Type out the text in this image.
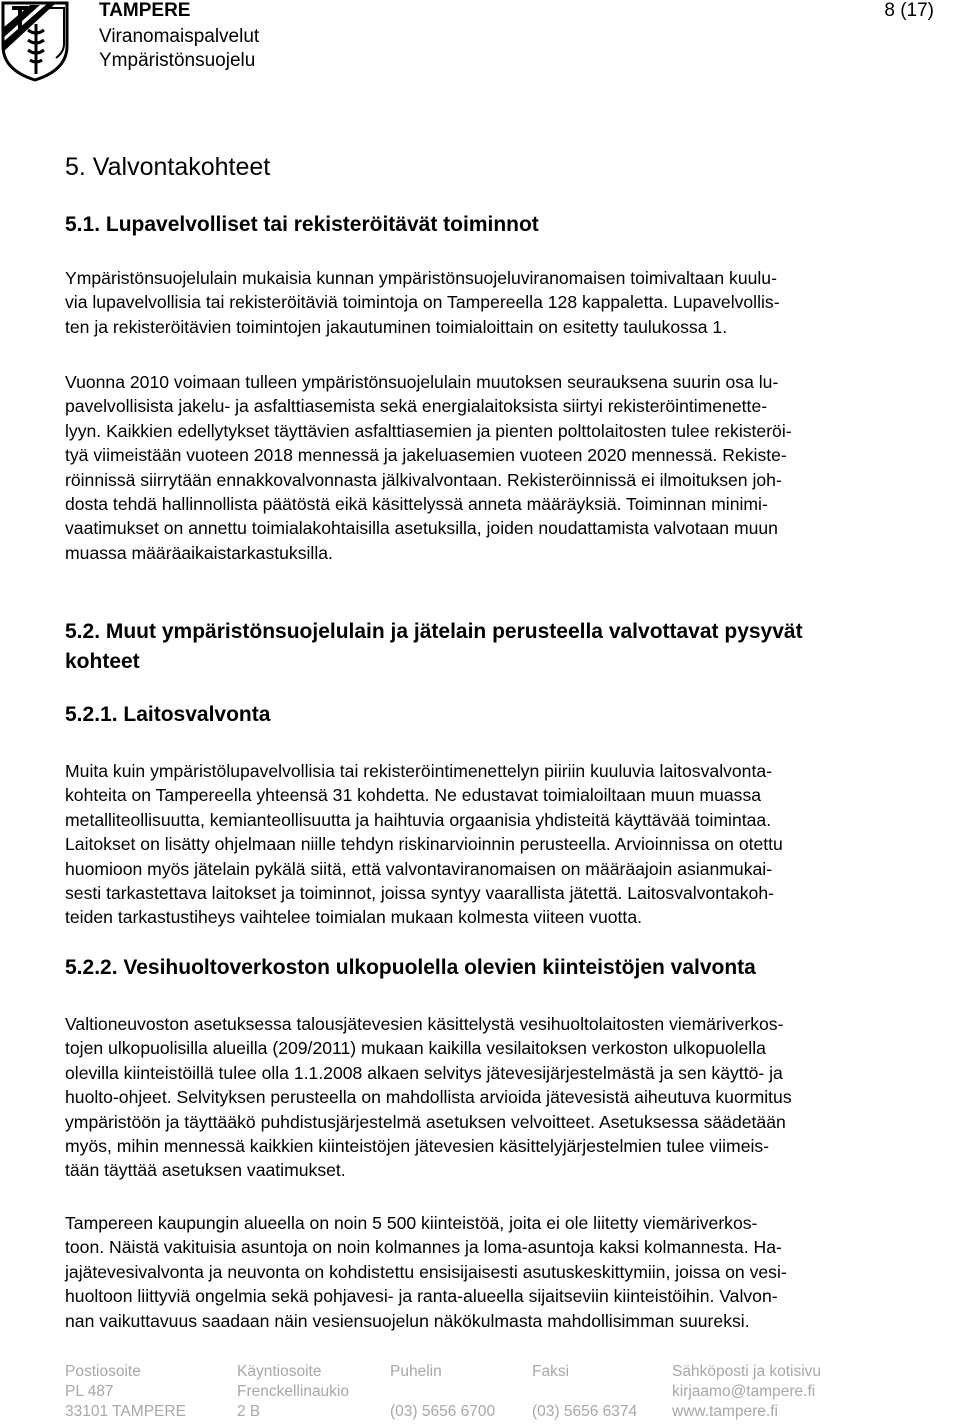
TAMPERE
Viranomaispalvelut
Ympäristönsuojelu
8 (17)
5. Valvontakohteet
5.1. Lupavelvolliset tai rekisteröitävät toiminnot
Ympäristönsuojelulain mukaisia kunnan ympäristönsuojeluviranomaisen toimivaltaan kuulu-
via lupavelvollisia tai rekisteröitäviä toimintoja on Tampereella 128 kappaletta. Lupavelvollis-
ten ja rekisteröitävien toimintojen jakautuminen toimialoittain on esitetty taulukossa 1.
Vuonna 2010 voimaan tulleen ympäristönsuojelulain muutoksen seurauksena suurin osa lu-
pavelvollisista jakelu- ja asfalttiasemista sekä energialaitoksista siirtyi rekisteröintimenette-
lyyn. Kaikkien edellytykset täyttävien asfalttiasemien ja pienten polttolaitosten tulee rekisteröi-
tyä viimeistään vuoteen 2018 mennessä ja jakeluasemien vuoteen 2020 mennessä. Rekiste-
röinnissä siirrytään ennakkovalvonnasta jälkivalvontaan. Rekisteröinnissä ei ilmoituksen joh-
dosta tehdä hallinnollista päätöstä eikä käsittelyssä anneta määräyksiä. Toiminnan minimi-
vaatimukset on annettu toimialakohtaisilla asetuksilla, joiden noudattamista valvotaan muun
muassa määräaikaistarkastuksilla.
5.2. Muut ympäristönsuojelulain ja jätelain perusteella valvottavat pysyvät
kohteet
5.2.1. Laitosvalvonta
Muita kuin ympäristölupavelvollisia tai rekisteröintimenettelyn piiriin kuuluvia laitosvalvonta-
kohteita on Tampereella yhteensä 31 kohdetta. Ne edustavat toimialoiltaan muun muassa
metalliteollisuutta, kemianteollisuutta ja haihtuvia orgaanisia yhdisteitä käyttävää toimintaa.
Laitokset on lisätty ohjelmaan niille tehdyn riskinarvioinnin perusteella. Arvioinnissa on otettu
huomioon myös jätelain pykälä siitä, että valvontaviranomaisen on määräajoin asianmukai-
sesti tarkastettava laitokset ja toiminnot, joissa syntyy vaarallista jätettä. Laitosvalvontakoh-
teiden tarkastustiheys vaihtelee toimialan mukaan kolmesta viiteen vuotta.
5.2.2. Vesihuoltoverkoston ulkopuolella olevien kiinteistöjen valvonta
Valtioneuvoston asetuksessa talousjätevesien käsittelystä vesihuoltolaitosten viemäriverkos-
tojen ulkopuolisilla alueilla (209/2011) mukaan kaikilla vesilaitoksen verkoston ulkopuolella
olevilla kiinteistöillä tulee olla 1.1.2008 alkaen selvitys jätevesijärjestelmästä ja sen käyttö- ja
huolto-ohjeet. Selvityksen perusteella on mahdollista arvioida jätevesistä aiheutuva kuormitus
ympäristöön ja täyttääkö puhdistusjärjestelmä asetuksen velvoitteet. Asetuksessa säädetään
myös, mihin mennessä kaikkien kiinteistöjen jätevesien käsittelyjärjestelmien tulee viimeis-
tään täyttää asetuksen vaatimukset.
Tampereen kaupungin alueella on noin 5 500 kiinteistöä, joita ei ole liitetty viemäriverkos-
toon. Näistä vakituisia asuntoja on noin kolmannes ja loma-asuntoja kaksi kolmannesta. Ha-
jajätevesivalvonta ja neuvonta on kohdistettu ensisijaisesti asutuskeskittymiin, joissa on vesi-
huoltoon liittyviä ongelmia sekä pohjavesi- ja ranta-alueella sijaitseviin kiinteistöihin. Valvon-
nan vaikuttavuus saadaan näin vesiensuojelun näkökulmasta mahdollisimman suureksi.
Postiosoite
PL 487
33101 TAMPERE
Käyntiosoite
Frenckellinaukio
2 B
Puhelin

(03) 5656 6700
Faksi

(03) 5656 6374
Sähköposti ja kotisivu
kirjaamo@tampere.fi
www.tampere.fi
